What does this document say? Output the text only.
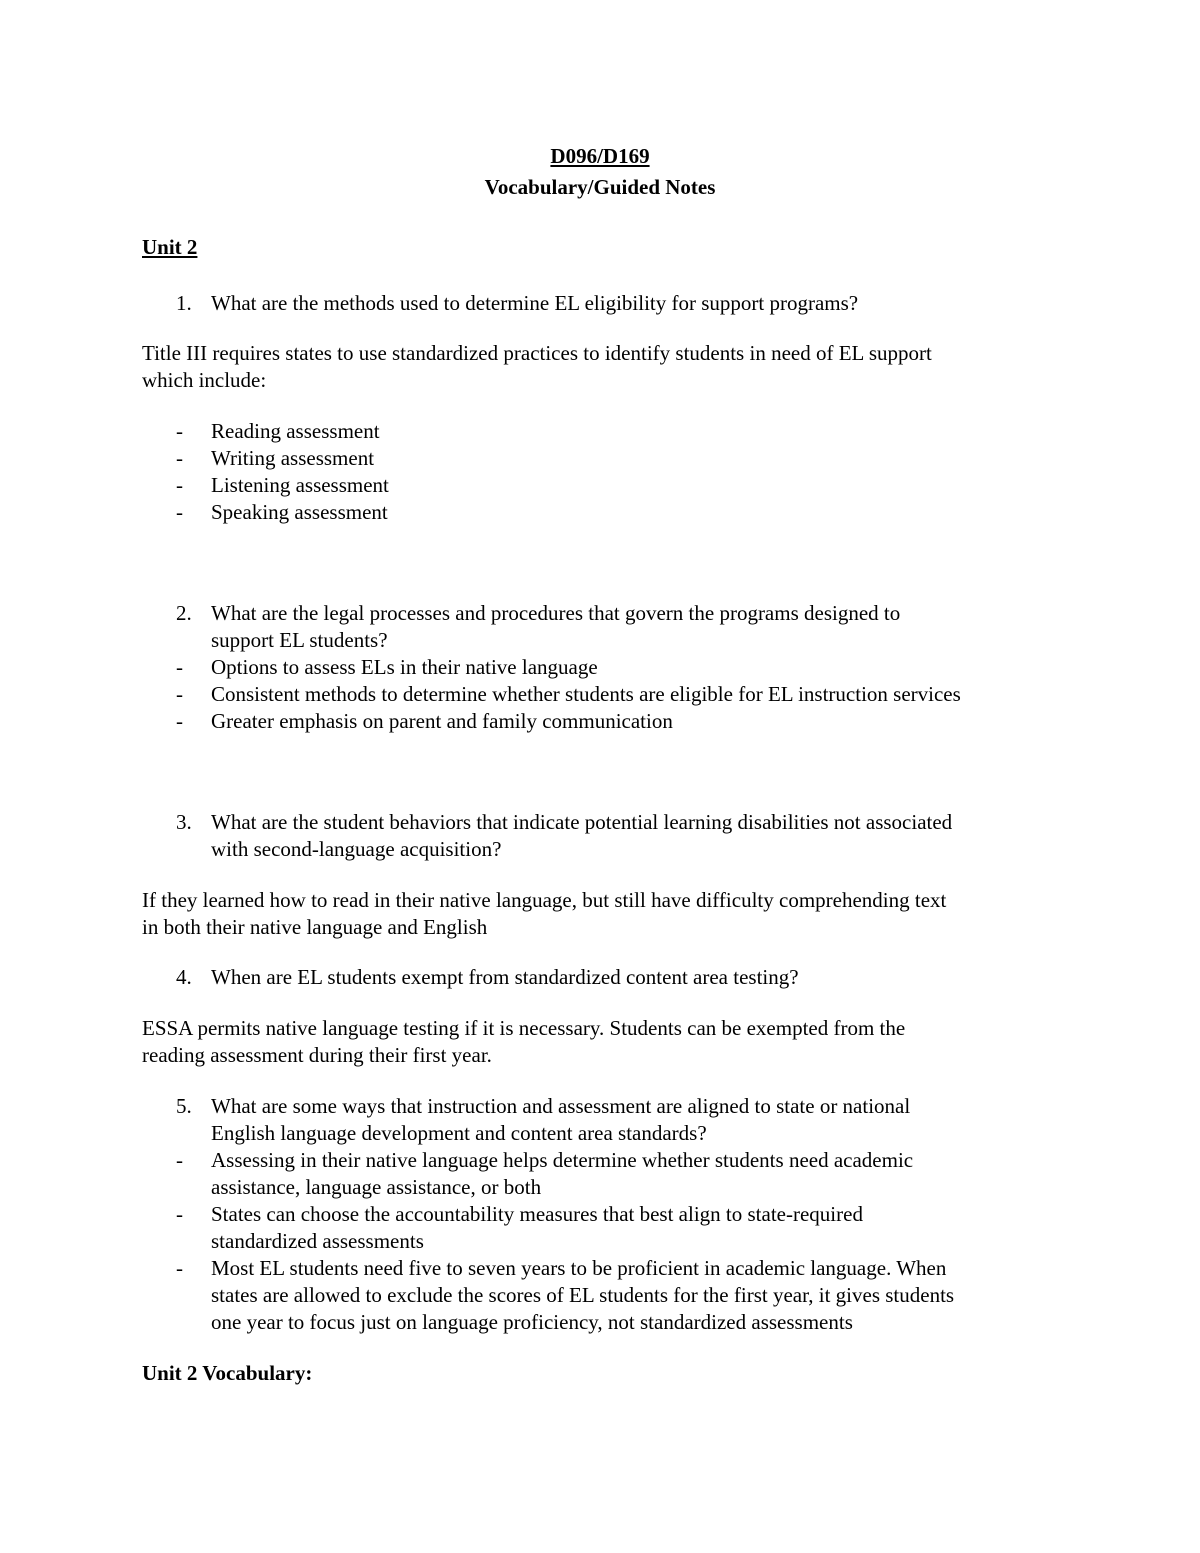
D096/D169

Vocabulary/Guided Notes

Unit 2

1. What are the methods used to determine EL eligibility for support programs?

Title III requires states to use standardized practices to identify students in need of EL support

which include:

-	Reading assessment
-	Writing assessment
-	Listening assessment
-	Speaking assessment
2. What are the legal processes and procedures that govern the programs designed to
support EL students?
-	Options to assess ELs in their native language
-	Consistent methods to determine whether students are eligible for EL instruction services
-	Greater emphasis on parent and family communication
3. What are the student behaviors that indicate potential learning disabilities not associated
with second-language acquisition?

If they learned how to read in their native language, but still have difficulty comprehending text

in both their native language and English

4. When are EL students exempt from standardized content area testing?

ESSA permits native language testing if it is necessary. Students can be exempted from the

reading assessment during their first year.

5. What are some ways that instruction and assessment are aligned to state or national
English language development and content area standards?
-	Assessing in their native language helps determine whether students need academic
assistance, language assistance, or both
-	States can choose the accountability measures that best align to state-required
standardized assessments
-	Most EL students need five to seven years to be proficient in academic language. When
states are allowed to exclude the scores of EL students for the first year, it gives students
one year to focus just on language proficiency, not standardized assessments

Unit 2 Vocabulary:
